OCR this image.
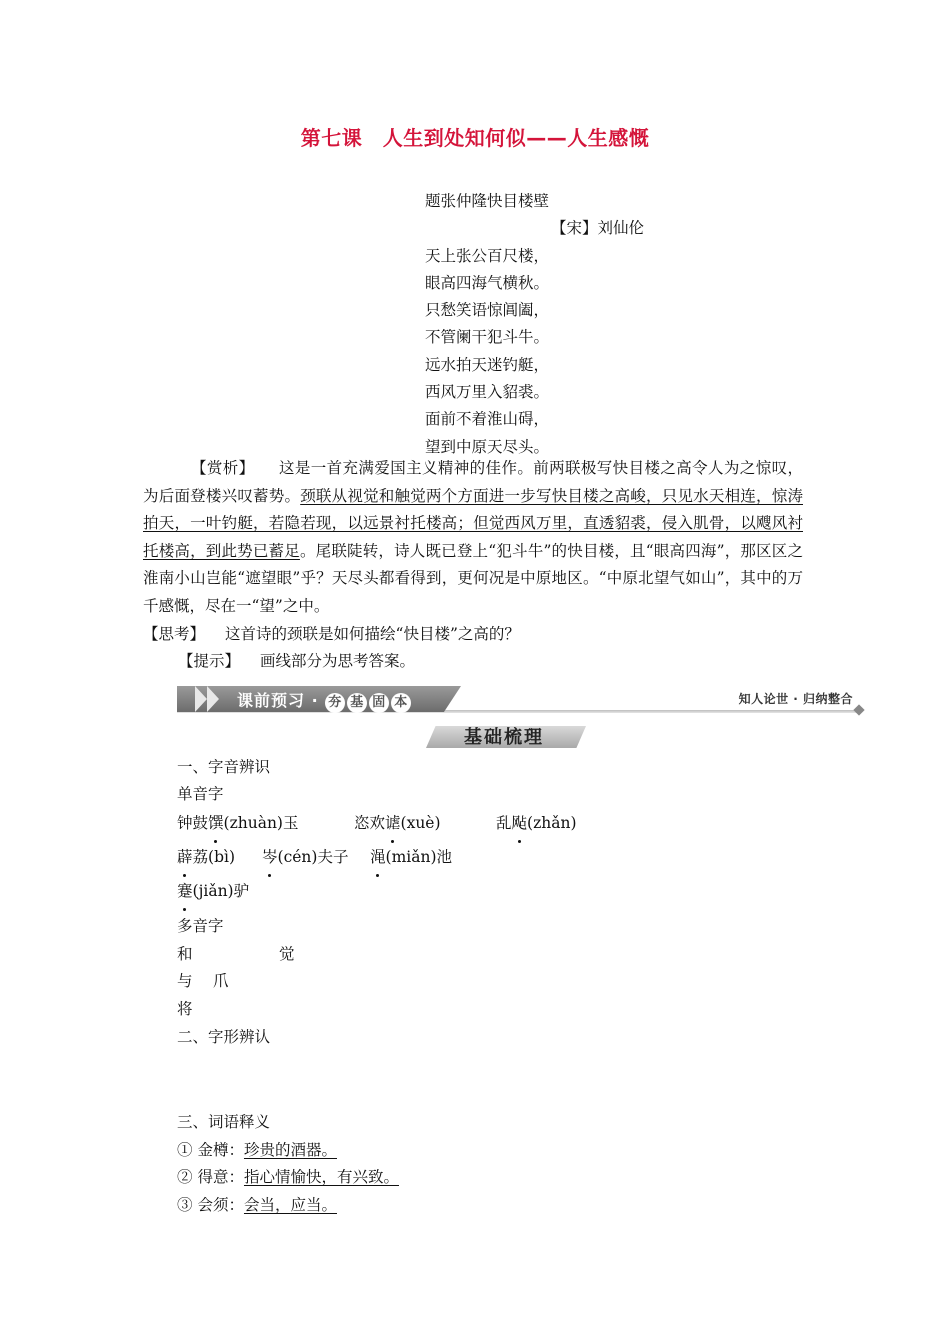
第七课　人生到处知何似——人生感慨
题张仲隆快目楼壁
【宋】刘仙伦
天上张公百尺楼，
眼高四海气横秋。
只愁笑语惊阊阖，
不管阑干犯斗牛。
远水拍天迷钓艇，
西风万里入貂裘。
面前不着淮山碍，
望到中原天尽头。
【赏析】 这是一首充满爱国主义精神的佳作。前两联极写快目楼之高令人为之惊叹，为后面登楼兴叹蓄势。颈联从视觉和触觉两个方面进一步写快目楼之高峻，只见水天相连，惊涛拍天，一叶钓艇，若隐若现，以远景衬托楼高；但觉西风万里，直透貂裘，侵入肌骨，以飕风衬托楼高，到此势已蓄足。尾联陡转，诗人既已登上“犯斗牛”的快目楼，且“眼高四海”，那区区之淮南小山岂能“遮望眼”乎？天尽头都看得到，更何况是中原地区。“中原北望气如山”，其中的万千感慨，尽在一“望”之中。
【思考】 这首诗的颈联是如何描绘“快目楼”之高的？
【提示】 画线部分为思考答案。
课前预习 · 夯 基 固 本	知人论世 · 归纳整合
基础梳理
一、字音辨识
单音字
钟鼓馔(zhuàn)玉	恣欢谑(xuè)	乱飐(zhǎn)
薜荔(bì) 岑(cén)夫子 渑(miǎn)池
蹇(jiǎn)驴
多音字
和	觉
与 爪
将
二、字形辨认
三、词语释义
① 金樽：珍贵的酒器。
② 得意：指心情愉快，有兴致。
③ 会须：会当，应当。
